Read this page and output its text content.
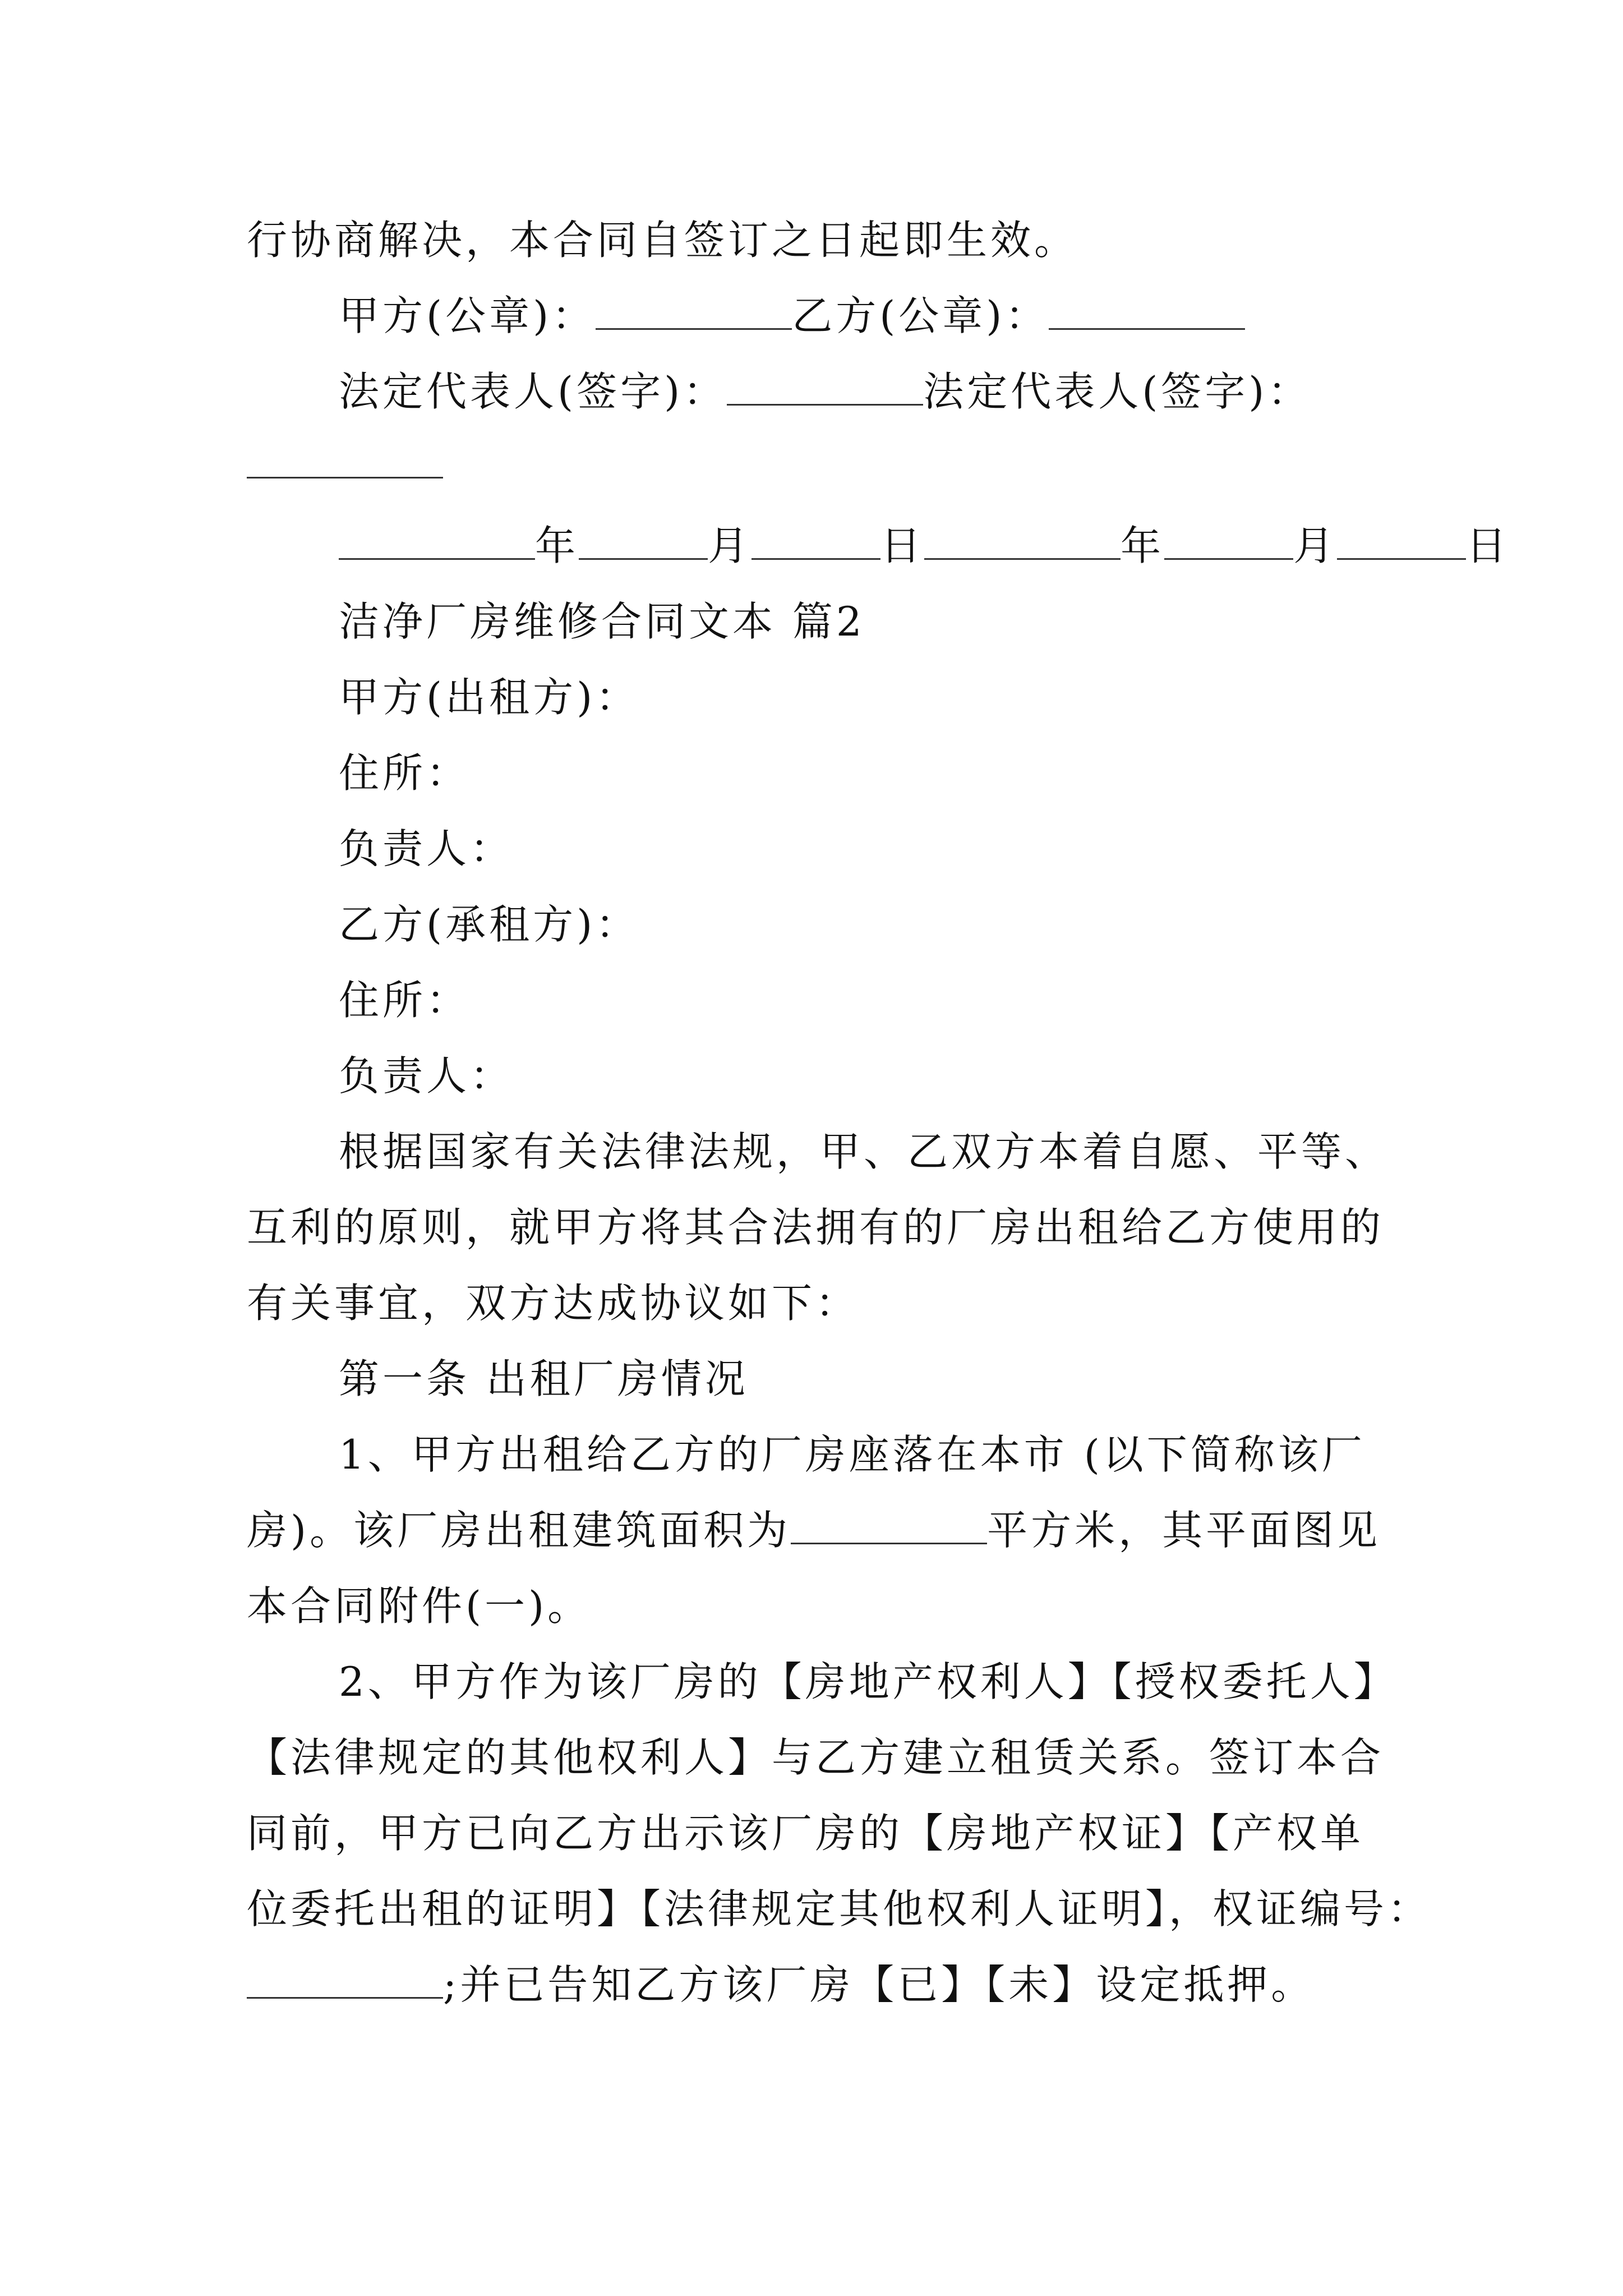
行协商解决，本合同自签订之日起即生效。
甲方(公章)：	乙方(公章)：
法定代表人(签字)：	法定代表人(签字)：
年	月	日	年	月	日
洁净厂房维修合同文本 篇2
甲方(出租方)：
住所：
负责人：
乙方(承租方)：
住所：
负责人：
根据国家有关法律法规，甲、乙双方本着自愿、平等、
互利的原则，就甲方将其合法拥有的厂房出租给乙方使用的
有关事宜，双方达成协议如下：
第一条 出租厂房情况
1、甲方出租给乙方的厂房座落在本市 (以下简称该厂
房)。该厂房出租建筑面积为	平方米，其平面图见
本合同附件(一)。
2、甲方作为该厂房的【房地产权利人】【授权委托人】
【法律规定的其他权利人】与乙方建立租赁关系。签订本合
同前，甲方已向乙方出示该厂房的【房地产权证】【产权单
位委托出租的证明】【法律规定其他权利人证明】，权证编号：
;并已告知乙方该厂房【已】【未】设定抵押。
